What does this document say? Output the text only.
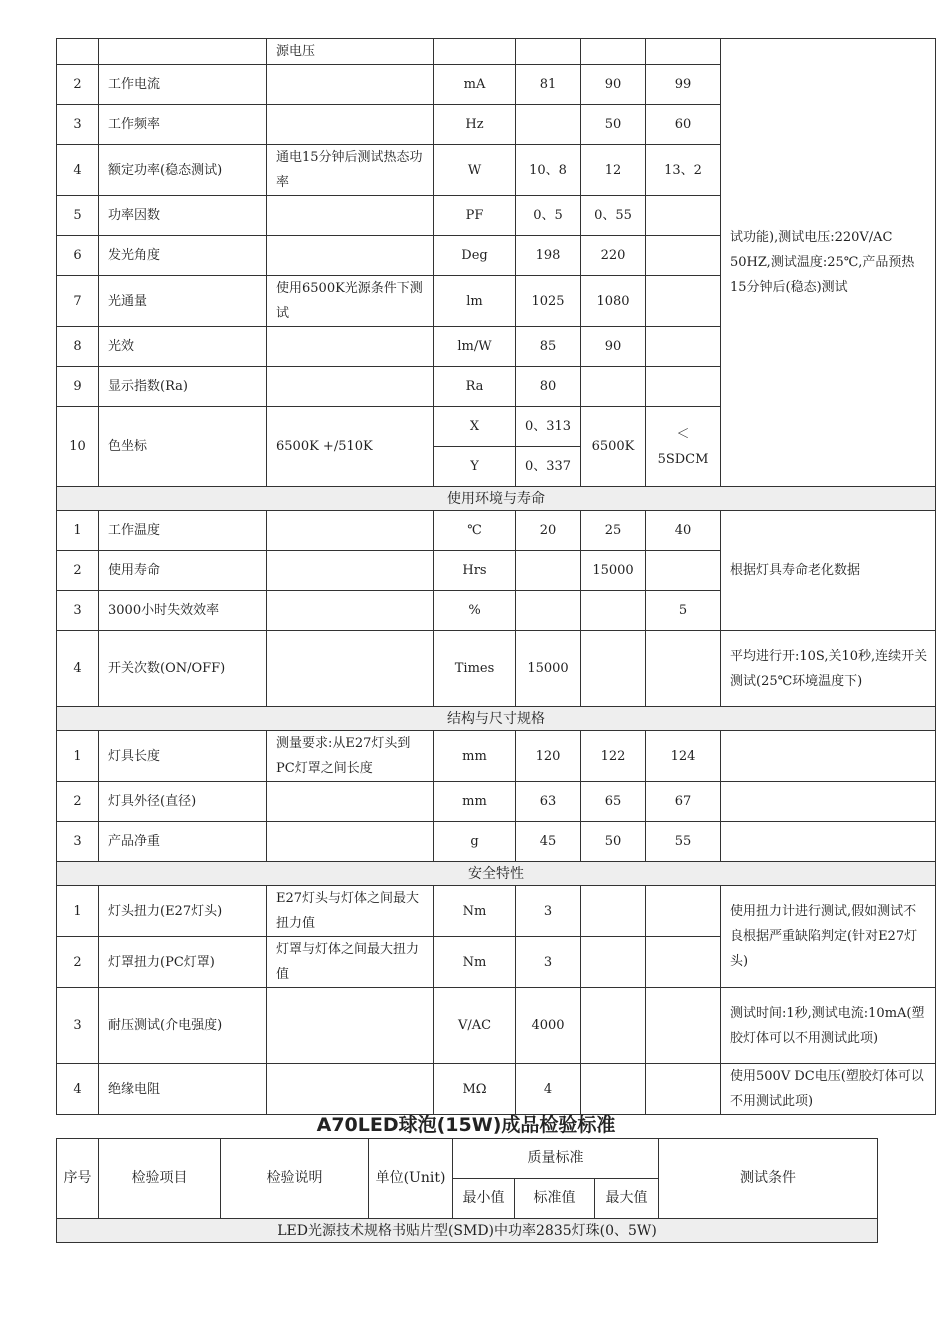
		源电压					试功能),测试电压:220V/AC 50HZ,测试温度:25℃,产品预热15分钟后(稳态)测试
2	工作电流		mA	81	90	99	
3	工作频率		Hz		50	60	
4	额定功率(稳态测试)	通电15分钟后测试热态功率	W	10、8	12	13、2	
5	功率因数		PF	0、5	0、55		
6	发光角度		Deg	198	220		
7	光通量	使用6500K光源条件下测试	lm	1025	1080		
8	光效		lm/W	85	90		
9	显示指数(Ra)		Ra	80			
10	色坐标	6500K +/510K	X	0、313	6500K	＜5SDCM	
			Y	0、337			
使用环境与寿命							
1	工作温度		℃	20	25	40	根据灯具寿命老化数据
2	使用寿命		Hrs		15000		
3	3000小时失效效率		%			5	
4	开关次数(ON/OFF)		Times	15000			平均进行开:10S,关10秒,连续开关测试(25℃环境温度下)
结构与尺寸规格							
1	灯具长度	测量要求:从E27灯头到PC灯罩之间长度	mm	120	122	124	
2	灯具外径(直径)		mm	63	65	67	
3	产品净重		g	45	50	55	
安全特性							
1	灯头扭力(E27灯头)	E27灯头与灯体之间最大扭力值	Nm	3			使用扭力计进行测试,假如测试不良根据严重缺陷判定(针对E27灯头)
2	灯罩扭力(PC灯罩)	灯罩与灯体之间最大扭力值	Nm	3			
3	耐压测试(介电强度)		V/AC	4000			测试时间:1秒,测试电流:10mA(塑胶灯体可以不用测试此项)
4	绝缘电阻		MΩ	4			使用500V DC电压(塑胶灯体可以不用测试此项)
A70LED球泡(15W)成品检验标准
序号	检验项目	检验说明	单位(Unit)	质量标准			测试条件
				最小值	标准值	最大值	
LED光源技术规格书贴片型(SMD)中功率2835灯珠(0、5W)							
